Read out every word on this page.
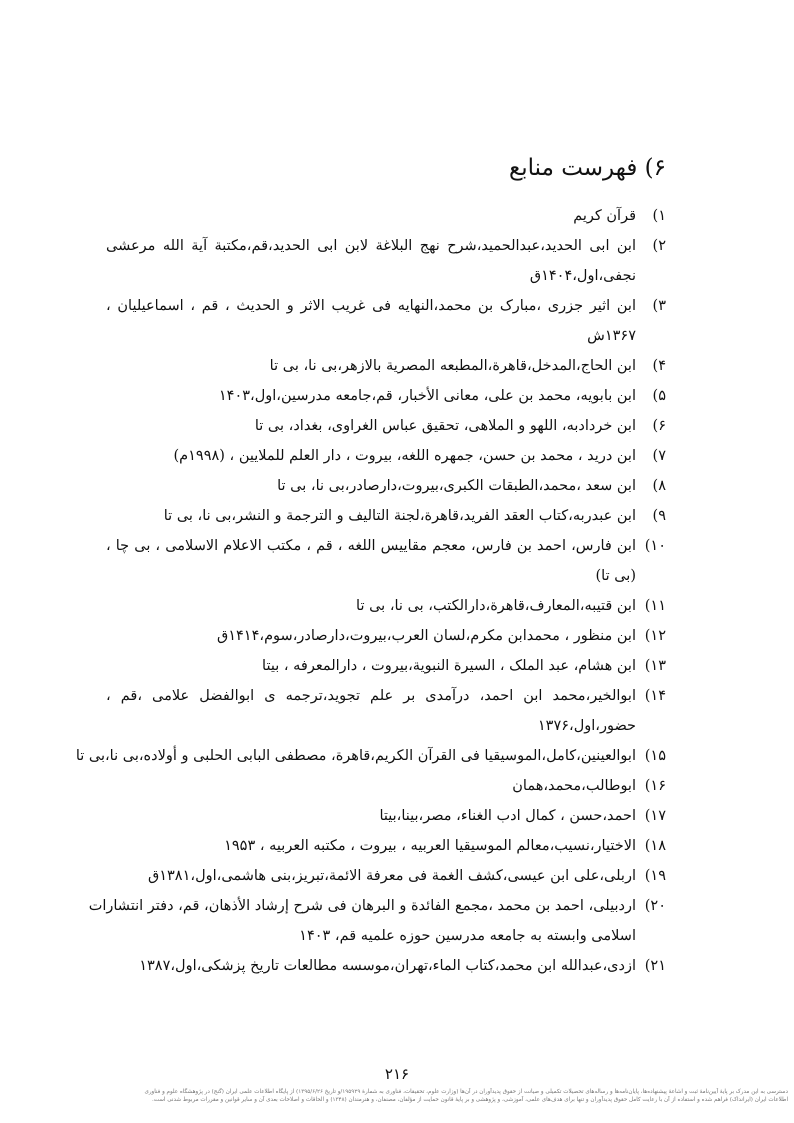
۶) فهرست منابع
۱)
قرآن کریم
۲)
ابن ابی الحدید،عبدالحمید،شرح نهج البلاغة لابن ابی الحدید،قم،مکتبة آیة الله مرعشی
نجفی،اول،۱۴۰۴ق
۳)
ابن اثیر جزری ،مبارک بن محمد،النهایه فی غریب الاثر و الحدیث ، قم ، اسماعیلیان ،
۱۳۶۷ش
۴)
ابن الحاج،المدخل،قاهرة،المطبعه المصریة بالازهر،بی نا، بی تا
۵)
ابن بابویه، محمد بن علی، معانی الأخبار، قم،جامعه مدرسین،اول،۱۴۰۳
۶)
ابن خردادبه، اللهو و الملاهی، تحقیق عباس الغراوی، بغداد، بی تا
۷)
ابن درید ، محمد بن حسن، جمهره اللغه، بیروت ، دار العلم للملایین ، (۱۹۹۸م)
۸)
ابن سعد ،محمد،الطبقات الکبری،بیروت،دارصادر،بی نا، بی تا
۹)
ابن عبدربه،کتاب العقد الفرید،قاهرة،لجنة التالیف و الترجمة و النشر،بی نا، بی تا
۱۰)
ابن فارس، احمد بن فارس، معجم مقاییس اللغه ، قم ، مکتب الاعلام الاسلامی ، بی چا ،
(بی تا)
۱۱)
ابن قتیبه،المعارف،قاهرة،دارالکتب، بی نا، بی تا
۱۲)
ابن منظور ، محمدابن مکرم،لسان العرب،بیروت،دارصادر،سوم،۱۴۱۴ق
۱۳)
ابن هشام، عبد الملک ، السیرة النبویة،بیروت ، دارالمعرفه ، بیتا
۱۴)
ابوالخیر،محمد ابن احمد، درآمدی بر علم تجوید،ترجمه ی ابوالفضل علامی ،قم ،
حضور،اول،۱۳۷۶
۱۵)
ابوالعینین،کامل،الموسیقیا فی القرآن الکریم،قاهرة، مصطفی البابی الحلبی و أولاده،بی نا،بی تا
۱۶)
ابوطالب،محمد،همان
۱۷)
احمد،حسن ، کمال ادب الغناء، مصر،بینا،بیتا
۱۸)
الاختیار،نسیب،معالم الموسیقیا العربیه ، بیروت ، مکتبه العربیه ، ۱۹۵۳
۱۹)
اربلی،علی ابن عیسی،کشف الغمة فی معرفة الائمة،تبریز،بنی هاشمی،اول،۱۳۸۱ق
۲۰)
اردبیلی، احمد بن محمد ،مجمع الفائدة و البرهان فی شرح إرشاد الأذهان، قم، دفتر انتشارات
اسلامی وابسته به جامعه مدرسین حوزه علمیه قم، ۱۴۰۳
۲۱)
ازدی،عبدالله ابن محمد،کتاب الماء،تهران،موسسه مطالعات تاریخ پزشکی،اول،۱۳۸۷
۲۱۶
دسترسی به این مدرک بر پایهٔ آیین‌نامهٔ ثبت و اشاعهٔ پیشنهاده‌ها، پایان‌نامه‌ها و رساله‌های تحصیلات تکمیلی و صیانت از حقوق پدیدآوران در آن‌ها (وزارت علوم، تحقیقات، فناوری به شمارهٔ ۱۹۵۹۲۹/و تاریخ ۱۳۹۵/۶/۲۶) از پایگاه اطلاعات علمی ایران (گنج) در پژوهشگاه علوم و فناوری
اطلاعات ایران (ایرانداک) فراهم شده و استفاده از آن با رعایت کامل حقوق پدیدآوران و تنها برای هدف‌های علمی، آموزشی، و پژوهشی و بر پایهٔ قانون حمایت از مؤلفان، مصنفان، و هنرمندان (۱۳۴۸) و الحاقات و اصلاحات بعدی آن و سایر قوانین و مقررات مربوط شدنی است.
